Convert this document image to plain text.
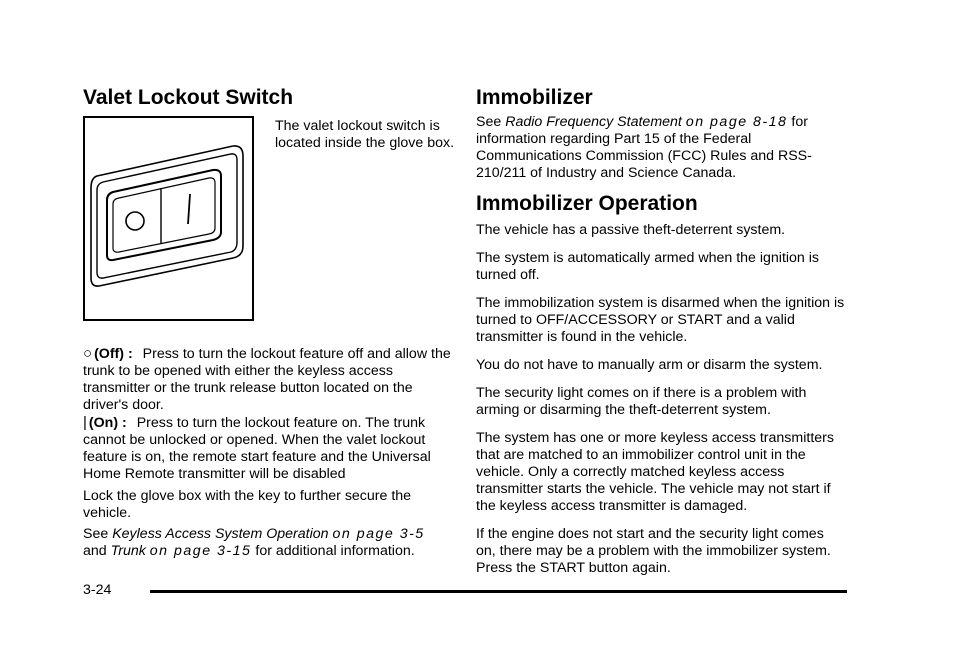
Valet Lockout Switch

The valet lockout switch is located inside the glove box.

○ (Off) : Press to turn the lockout feature off and allow the trunk to be opened with either the keyless access transmitter or the trunk release button located on the driver's door.

| (On) : Press to turn the lockout feature on. The trunk cannot be unlocked or opened. When the valet lockout feature is on, the remote start feature and the Universal Home Remote transmitter will be disabled

Lock the glove box with the key to further secure the vehicle.

See Keyless Access System Operation on page 3-5
and Trunk on page 3-15 for additional information.

Immobilizer

See Radio Frequency Statement on page 8-18 for information regarding Part 15 of the Federal Communications Commission (FCC) Rules and RSS-210/211 of Industry and Science Canada.

Immobilizer Operation

The vehicle has a passive theft-deterrent system.

The system is automatically armed when the ignition is turned off.

The immobilization system is disarmed when the ignition is turned to OFF/ACCESSORY or START and a valid transmitter is found in the vehicle.

You do not have to manually arm or disarm the system.

The security light comes on if there is a problem with arming or disarming the theft-deterrent system.

The system has one or more keyless access transmitters that are matched to an immobilizer control unit in the vehicle. Only a correctly matched keyless access transmitter starts the vehicle. The vehicle may not start if the keyless access transmitter is damaged.

If the engine does not start and the security light comes on, there may be a problem with the immobilizer system. Press the START button again.

3-24
